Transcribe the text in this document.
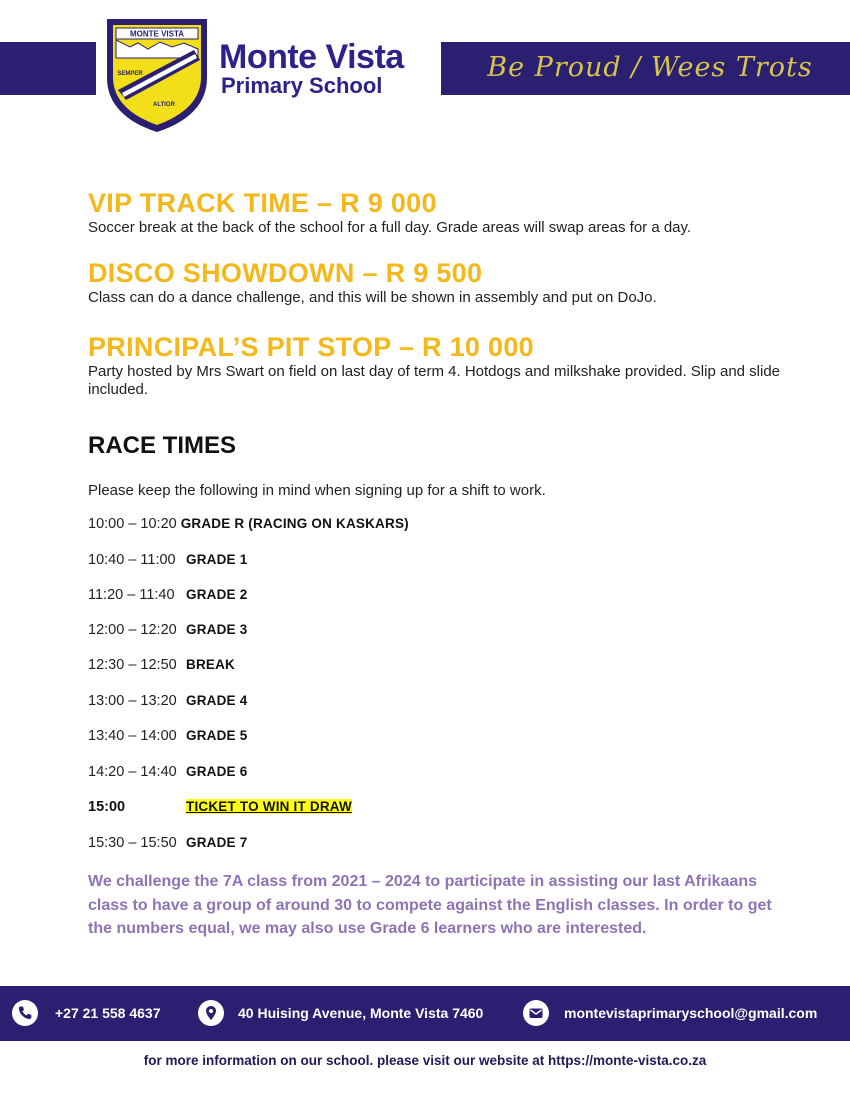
MONTE VISTA
SEMPER
ALTIOR
Monte Vista
Primary School
Be Proud / Wees Trots
VIP TRACK TIME – R 9 000

Soccer break at the back of the school for a full day. Grade areas will swap areas for a day.

DISCO SHOWDOWN – R 9 500

Class can do a dance challenge, and this will be shown in assembly and put on DoJo.

PRINCIPAL’S PIT STOP – R 10 000

Party hosted by Mrs Swart on field on last day of term 4. Hotdogs and milkshake provided. Slip and slide included.

RACE TIMES

Please keep the following in mind when signing up for a shift to work.

10:00 – 10:20 GRADE R (RACING ON KASKARS)
10:40 – 11:00 GRADE 1
11:20 – 11:40 GRADE 2
12:00 – 12:20 GRADE 3
12:30 – 12:50 BREAK
13:00 – 13:20 GRADE 4
13:40 – 14:00 GRADE 5
14:20 – 14:40 GRADE 6
15:00	TICKET TO WIN IT DRAW
15:30 – 15:50 GRADE 7

We challenge the 7A class from 2021 – 2024 to participate in assisting our last Afrikaans class to have a group of around 30 to compete against the English classes. In order to get the numbers equal, we may also use Grade 6 learners who are interested.

+27 21 558 4637	40 Huising Avenue, Monte Vista 7460	montevistaprimaryschool@gmail.com
for more information on our school. please visit our website at https://monte-vista.co.za
